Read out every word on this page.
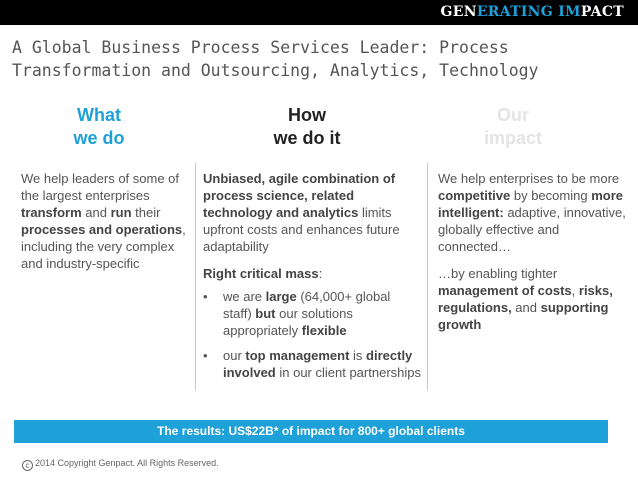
GENERATING IMPACT
A Global Business Process Services Leader: Process
Transformation and Outsourcing, Analytics, Technology
What
we do
How
we do it
Our
impact
We help leaders of some of the largest enterprises transform and run their processes and operations, including the very complex and industry-specific
Unbiased, agile combination of process science, related technology and analytics limits upfront costs and enhances future adaptability
Right critical mass:
• we are large (64,000+ global staff) but our solutions appropriately flexible
• our top management is directly involved in our client partnerships
We help enterprises to be more competitive by becoming more intelligent: adaptive, innovative, globally effective and connected…
…by enabling tighter management of costs, risks, regulations, and supporting growth
The results: US$22B* of impact for 800+ global clients
c 2014 Copyright Genpact. All Rights Reserved.
